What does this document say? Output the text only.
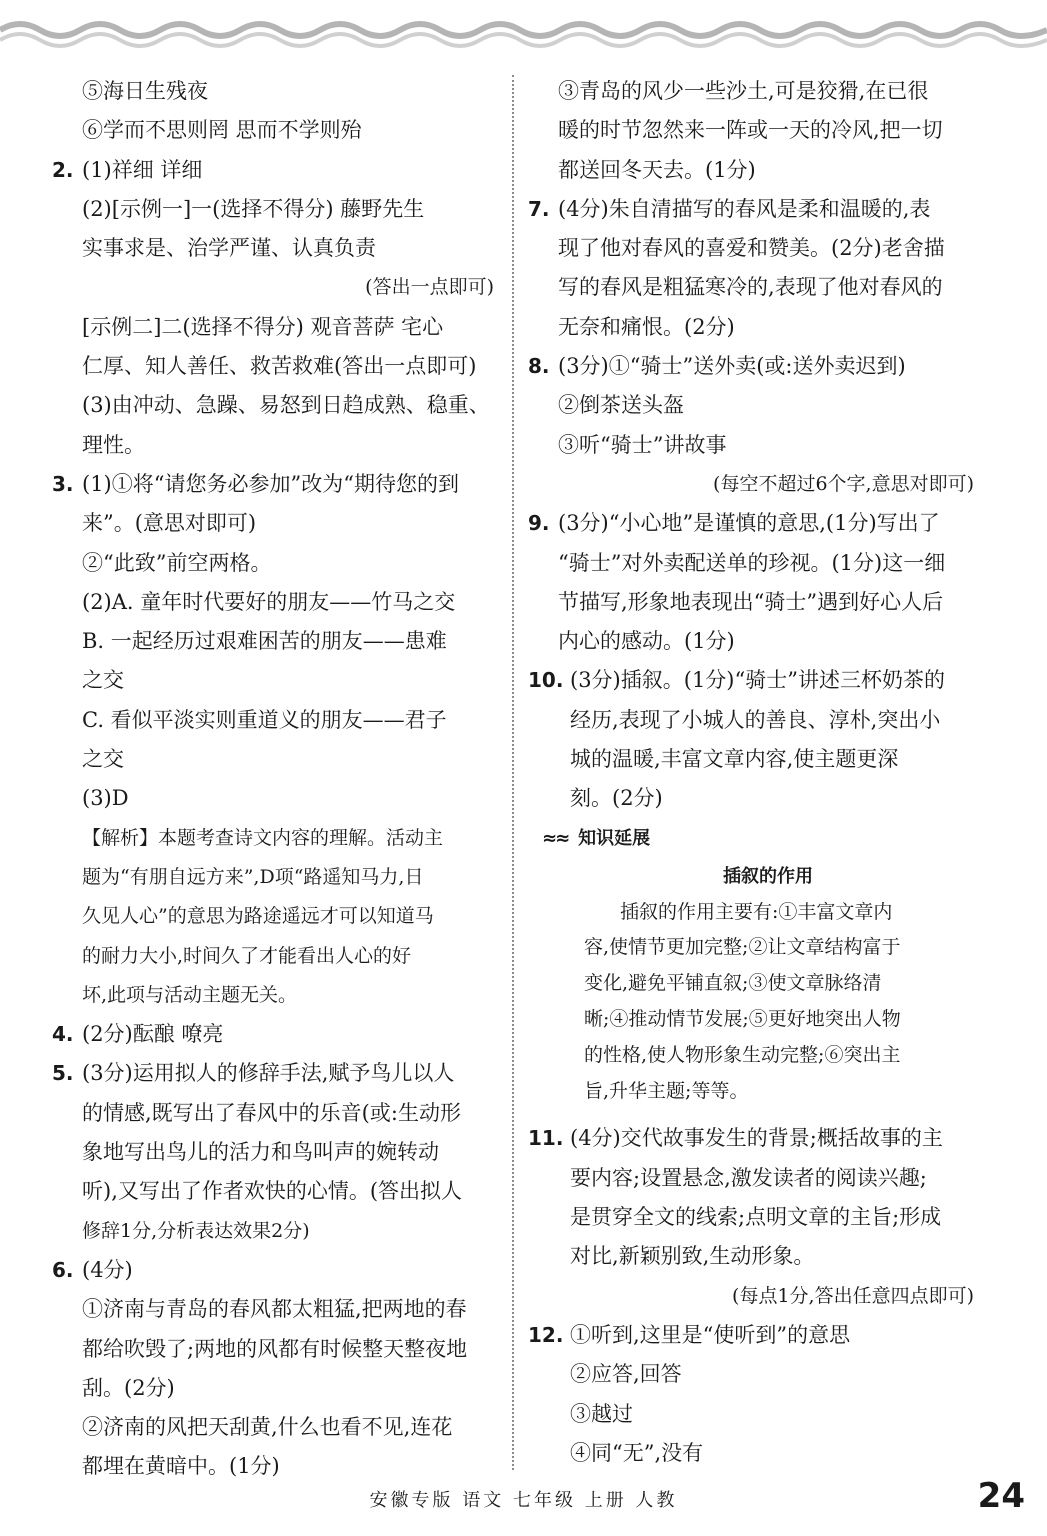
⑤海日生残夜
⑥学而不思则罔 思而不学则殆
2. (1)祥细 详细
(2)[示例一]一(选择不得分) 藤野先生
实事求是、治学严谨、认真负责
(答出一点即可)
[示例二]二(选择不得分) 观音菩萨 宅心
仁厚、知人善任、救苦救难(答出一点即可)
(3)由冲动、急躁、易怒到日趋成熟、稳重、
理性。
3. (1)①将“请您务必参加”改为“期待您的到
来”。(意思对即可)
②“此致”前空两格。
(2)A. 童年时代要好的朋友——竹马之交
B. 一起经历过艰难困苦的朋友——患难
之交
C. 看似平淡实则重道义的朋友——君子
之交
(3)D
【解析】本题考查诗文内容的理解。活动主
题为“有朋自远方来”,D项“路遥知马力,日
久见人心”的意思为路途遥远才可以知道马
的耐力大小,时间久了才能看出人心的好
坏,此项与活动主题无关。
4. (2分)酝酿 嘹亮
5. (3分)运用拟人的修辞手法,赋予鸟儿以人
的情感,既写出了春风中的乐音(或:生动形
象地写出鸟儿的活力和鸟叫声的婉转动
听),又写出了作者欢快的心情。(答出拟人
修辞1分,分析表达效果2分)
6. (4分)
①济南与青岛的春风都太粗猛,把两地的春
都给吹毁了;两地的风都有时候整天整夜地
刮。(2分)
②济南的风把天刮黄,什么也看不见,连花
都埋在黄暗中。(1分)
③青岛的风少一些沙土,可是狡猾,在已很
暖的时节忽然来一阵或一天的冷风,把一切
都送回冬天去。(1分)
7. (4分)朱自清描写的春风是柔和温暖的,表
现了他对春风的喜爱和赞美。(2分)老舍描
写的春风是粗猛寒冷的,表现了他对春风的
无奈和痛恨。(2分)
8. (3分)①“骑士”送外卖(或:送外卖迟到)
②倒茶送头盔
③听“骑士”讲故事
(每空不超过6个字,意思对即可)
9. (3分)“小心地”是谨慎的意思,(1分)写出了
“骑士”对外卖配送单的珍视。(1分)这一细
节描写,形象地表现出“骑士”遇到好心人后
内心的感动。(1分)
10. (3分)插叙。(1分)“骑士”讲述三杯奶茶的
经历,表现了小城人的善良、淳朴,突出小
城的温暖,丰富文章内容,使主题更深
刻。(2分)
≈≈ 知识延展
插叙的作用
插叙的作用主要有:①丰富文章内
容,使情节更加完整;②让文章结构富于
变化,避免平铺直叙;③使文章脉络清
晰;④推动情节发展;⑤更好地突出人物
的性格,使人物形象生动完整;⑥突出主
旨,升华主题;等等。
11. (4分)交代故事发生的背景;概括故事的主
要内容;设置悬念,激发读者的阅读兴趣;
是贯穿全文的线索;点明文章的主旨;形成
对比,新颖别致,生动形象。
(每点1分,答出任意四点即可)
12. ①听到,这里是“使听到”的意思
②应答,回答
③越过
④同“无”,没有
安徽专版 语文 七年级 上册 人教	24
